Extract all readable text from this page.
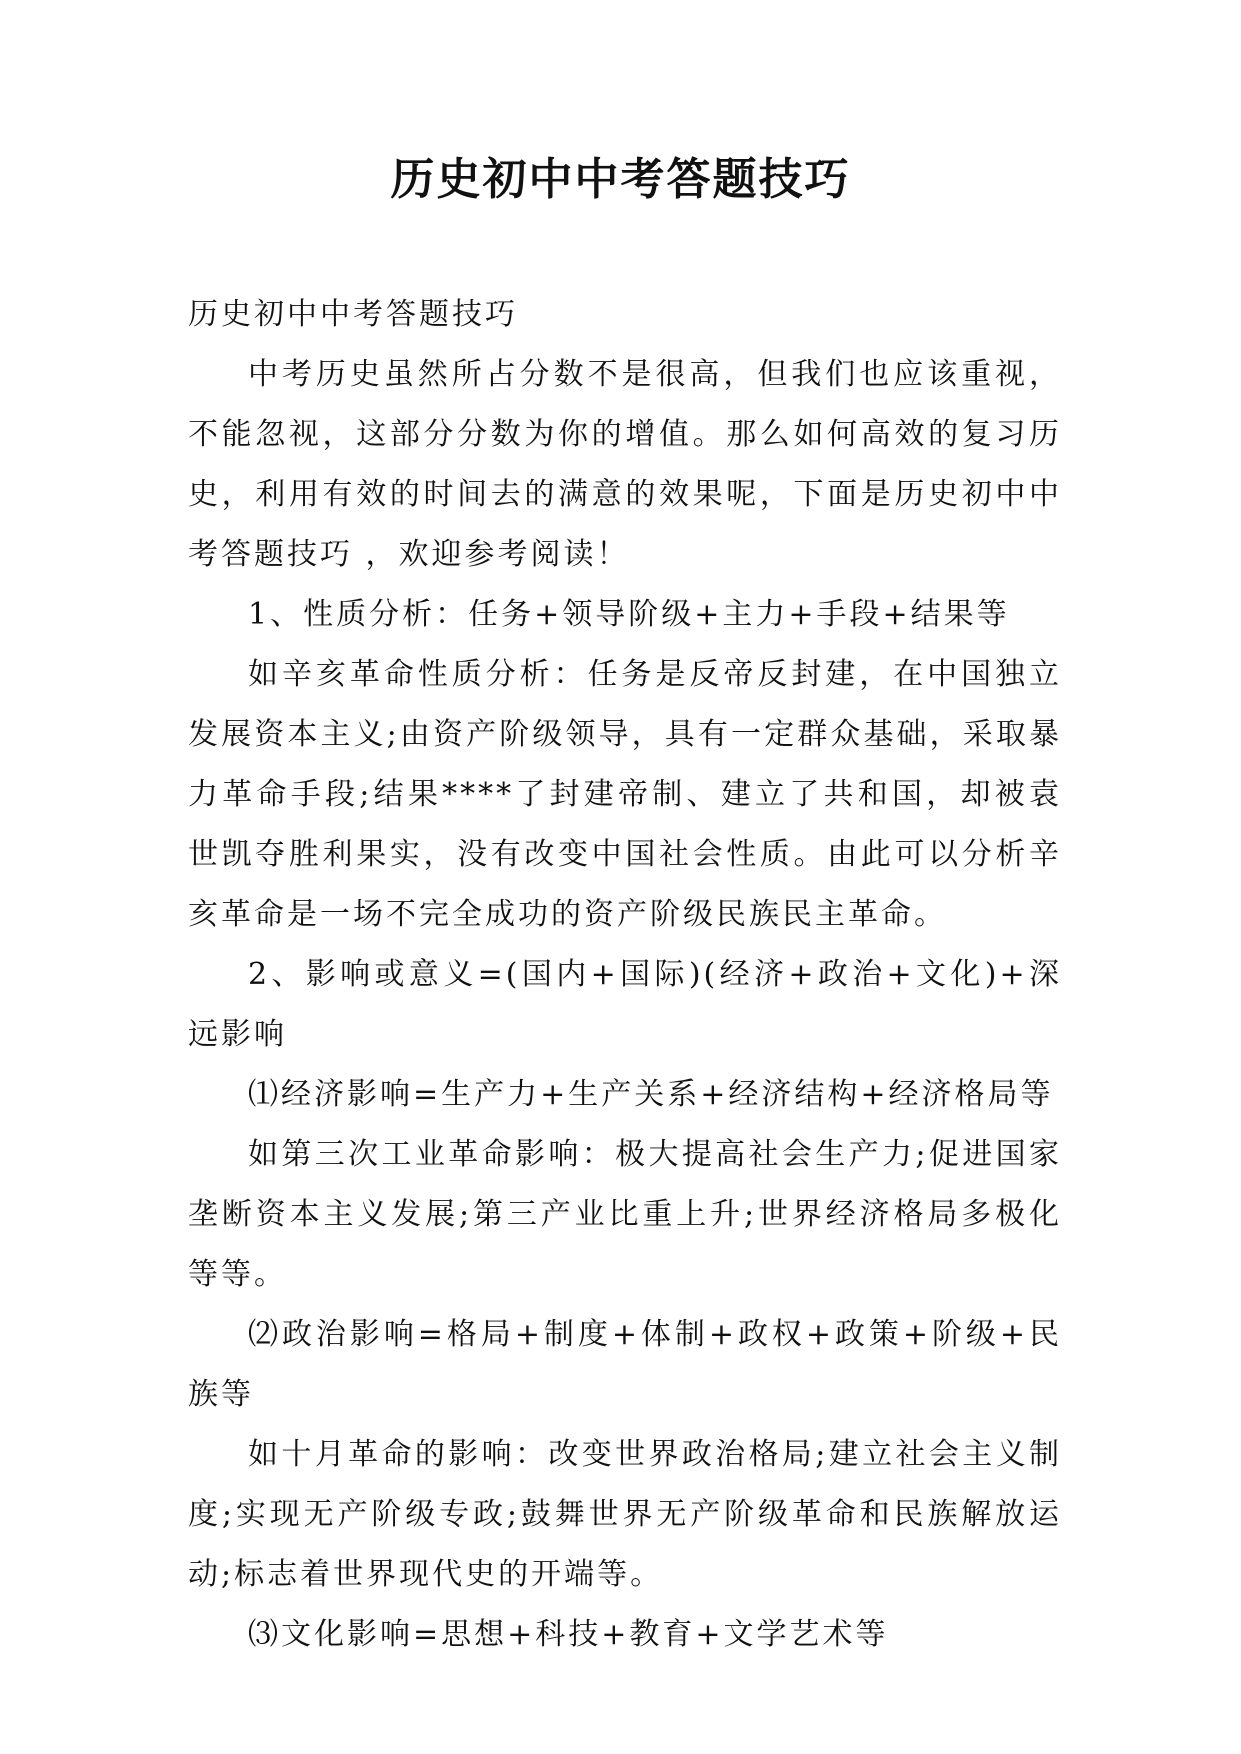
历史初中中考答题技巧

历史初中中考答题技巧

中考历史虽然所占分数不是很高，但我们也应该重视，不能忽视，这部分分数为你的增值。那么如何高效的复习历史，利用有效的时间去的满意的效果呢，下面是历史初中中考答题技巧 ，欢迎参考阅读！

1、性质分析：任务+领导阶级+主力+手段+结果等

如辛亥革命性质分析：任务是反帝反封建，在中国独立发展资本主义;由资产阶级领导，具有一定群众基础，采取暴力革命手段;结果****了封建帝制、建立了共和国，却被袁世凯夺胜利果实，没有改变中国社会性质。由此可以分析辛亥革命是一场不完全成功的资产阶级民族民主革命。

2、影响或意义=(国内+国际)(经济+政治+文化)+深远影响

⑴经济影响=生产力+生产关系+经济结构+经济格局等

如第三次工业革命影响：极大提高社会生产力;促进国家垄断资本主义发展;第三产业比重上升;世界经济格局多极化等等。

⑵政治影响=格局+制度+体制+政权+政策+阶级+民族等

如十月革命的影响：改变世界政治格局;建立社会主义制度;实现无产阶级专政;鼓舞世界无产阶级革命和民族解放运动;标志着世界现代史的开端等。

⑶文化影响=思想+科技+教育+文学艺术等
